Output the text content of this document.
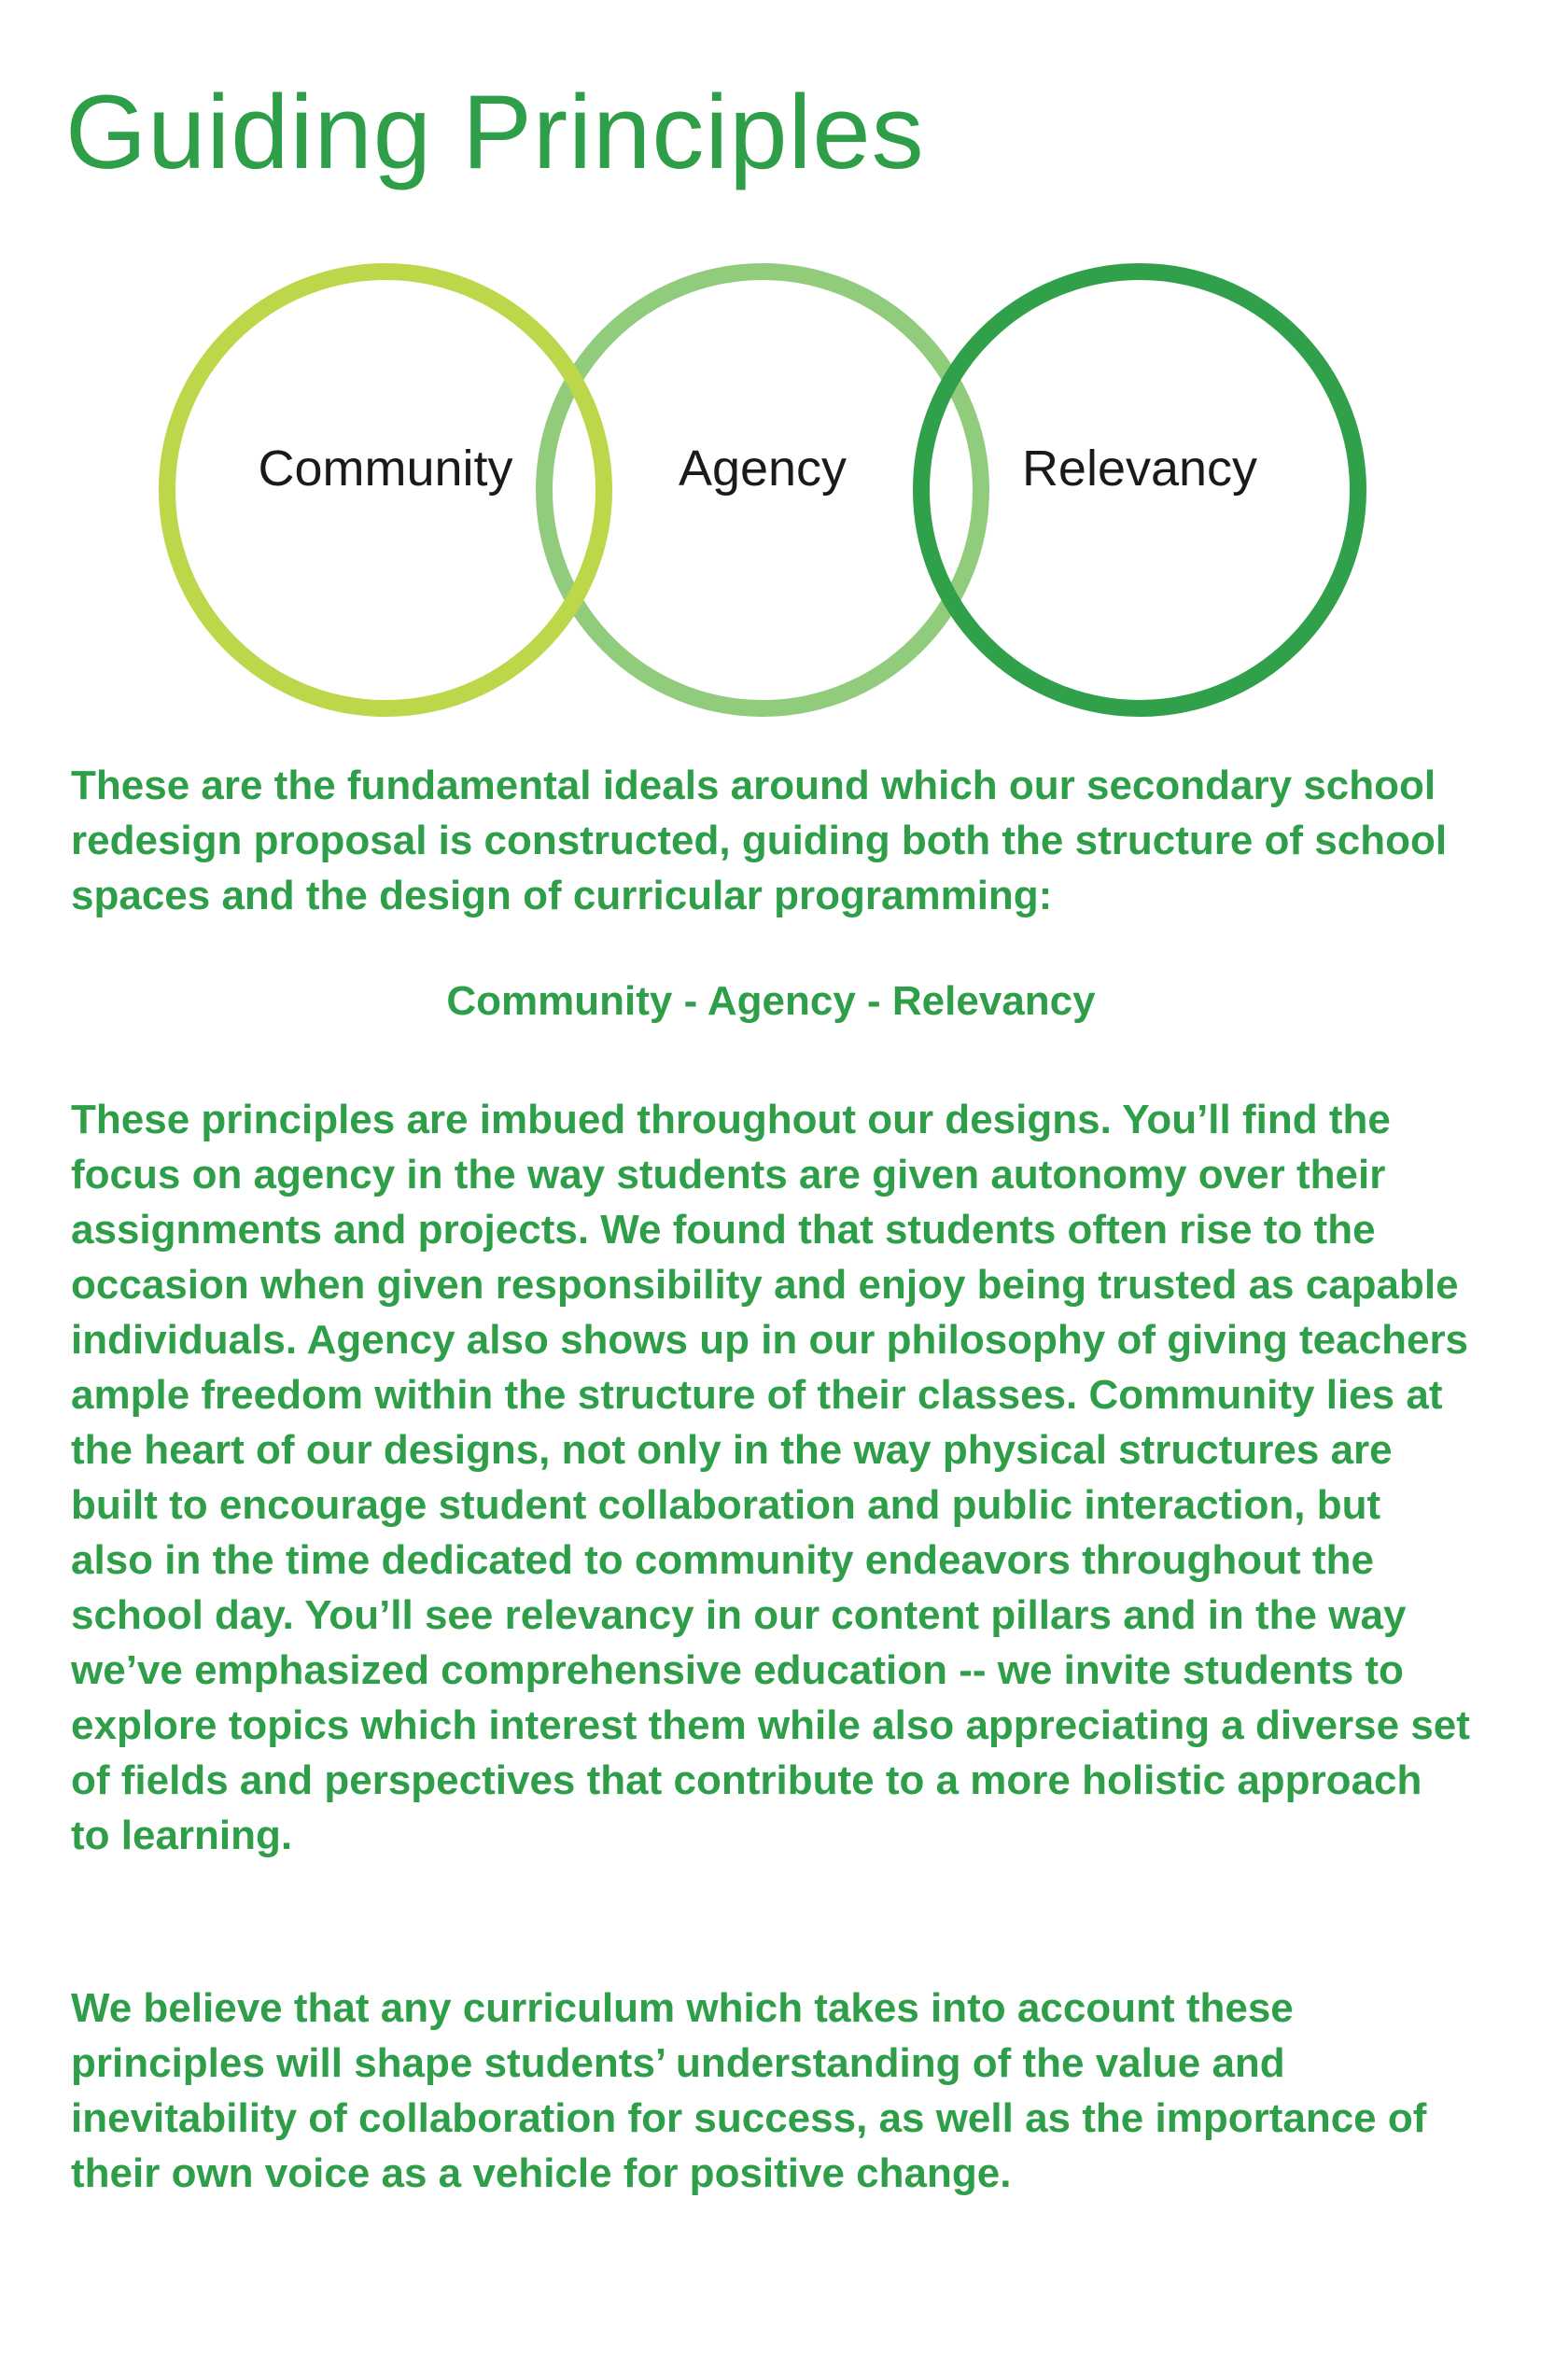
Guiding Principles
Community	Agency	Relevancy

These are the fundamental ideals around which our secondary school redesign proposal is constructed, guiding both the structure of school spaces and the design of curricular programming:

Community - Agency - Relevancy

These principles are imbued throughout our designs. You’ll find the focus on agency in the way students are given autonomy over their assignments and projects. We found that students often rise to the occasion when given responsibility and enjoy being trusted as capable individuals. Agency also shows up in our philosophy of giving teachers ample freedom within the structure of their classes. Community lies at the heart of our designs, not only in the way physical structures are built to encourage student collaboration and public interaction, but also in the time dedicated to community endeavors throughout the school day. You’ll see relevancy in our content pillars and in the way we’ve emphasized comprehensive education -- we invite students to explore topics which interest them while also appreciating a diverse set of fields and perspectives that contribute to a more holistic approach to learning.

We believe that any curriculum which takes into account these principles will shape students’ understanding of the value and inevitability of collaboration for success, as well as the importance of their own voice as a vehicle for positive change.
